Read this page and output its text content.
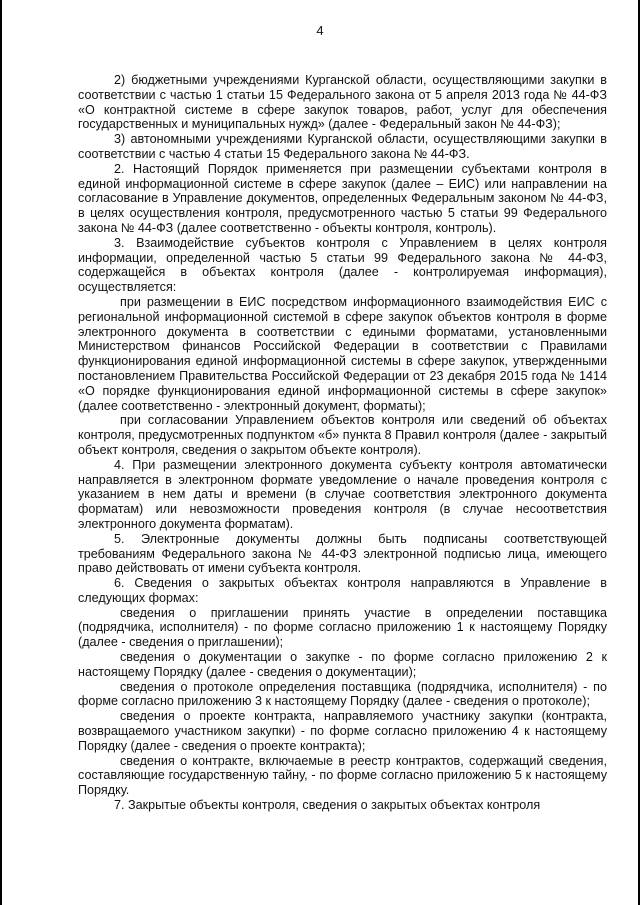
4

2) бюджетными учреждениями Курганской области, осуществляющими закупки в соответствии с частью 1 статьи 15 Федерального закона от 5 апреля 2013 года № 44-ФЗ «О контрактной системе в сфере закупок товаров, работ, услуг для обеспечения государственных и муниципальных нужд» (далее - Федеральный закон № 44-ФЗ);

3) автономными учреждениями Курганской области, осуществляющими закупки в соответствии с частью 4 статьи 15 Федерального закона № 44-ФЗ.

2. Настоящий Порядок применяется при размещении субъектами контроля в единой информационной системе в сфере закупок (далее – ЕИС) или направлении на согласование в Управление документов, определенных Федеральным законом № 44-ФЗ, в целях осуществления контроля, предусмотренного частью 5 статьи 99 Федерального закона № 44-ФЗ (далее соответственно - объекты контроля, контроль).

3. Взаимодействие субъектов контроля с Управлением в целях контроля информации, определенной частью 5 статьи 99 Федерального закона № 44-ФЗ, содержащейся в объектах контроля (далее - контролируемая информация), осуществляется:

при размещении в ЕИС посредством информационного взаимодействия ЕИС с региональной информационной системой в сфере закупок объектов контроля в форме электронного документа в соответствии с едиными форматами, установленными Министерством финансов Российской Федерации в соответствии с Правилами функционирования единой информационной системы в сфере закупок, утвержденными постановлением Правительства Российской Федерации от 23 декабря 2015 года № 1414 «О порядке функционирования единой информационной системы в сфере закупок» (далее соответственно - электронный документ, форматы);

при согласовании Управлением объектов контроля или сведений об объектах контроля, предусмотренных подпунктом «б» пункта 8 Правил контроля (далее - закрытый объект контроля, сведения о закрытом объекте контроля).

4. При размещении электронного документа субъекту контроля автоматически направляется в электронном формате уведомление о начале проведения контроля с указанием в нем даты и времени (в случае соответствия электронного документа форматам) или невозможности проведения контроля (в случае несоответствия электронного документа форматам).

5. Электронные документы должны быть подписаны соответствующей требованиям Федерального закона № 44-ФЗ электронной подписью лица, имеющего право действовать от имени субъекта контроля.

6. Сведения о закрытых объектах контроля направляются в Управление в следующих формах:

сведения о приглашении принять участие в определении поставщика (подрядчика, исполнителя) - по форме согласно приложению 1 к настоящему Порядку (далее - сведения о приглашении);

сведения о документации о закупке - по форме согласно приложению 2 к настоящему Порядку (далее - сведения о документации);

сведения о протоколе определения поставщика (подрядчика, исполнителя) - по форме согласно приложению 3 к настоящему Порядку (далее - сведения о протоколе);

сведения о проекте контракта, направляемого участнику закупки (контракта, возвращаемого участником закупки) - по форме согласно приложению 4 к настоящему Порядку (далее - сведения о проекте контракта);

сведения о контракте, включаемые в реестр контрактов, содержащий сведения, составляющие государственную тайну, - по форме согласно приложению 5 к настоящему Порядку.

7. Закрытые объекты контроля, сведения о закрытых объектах контроля
